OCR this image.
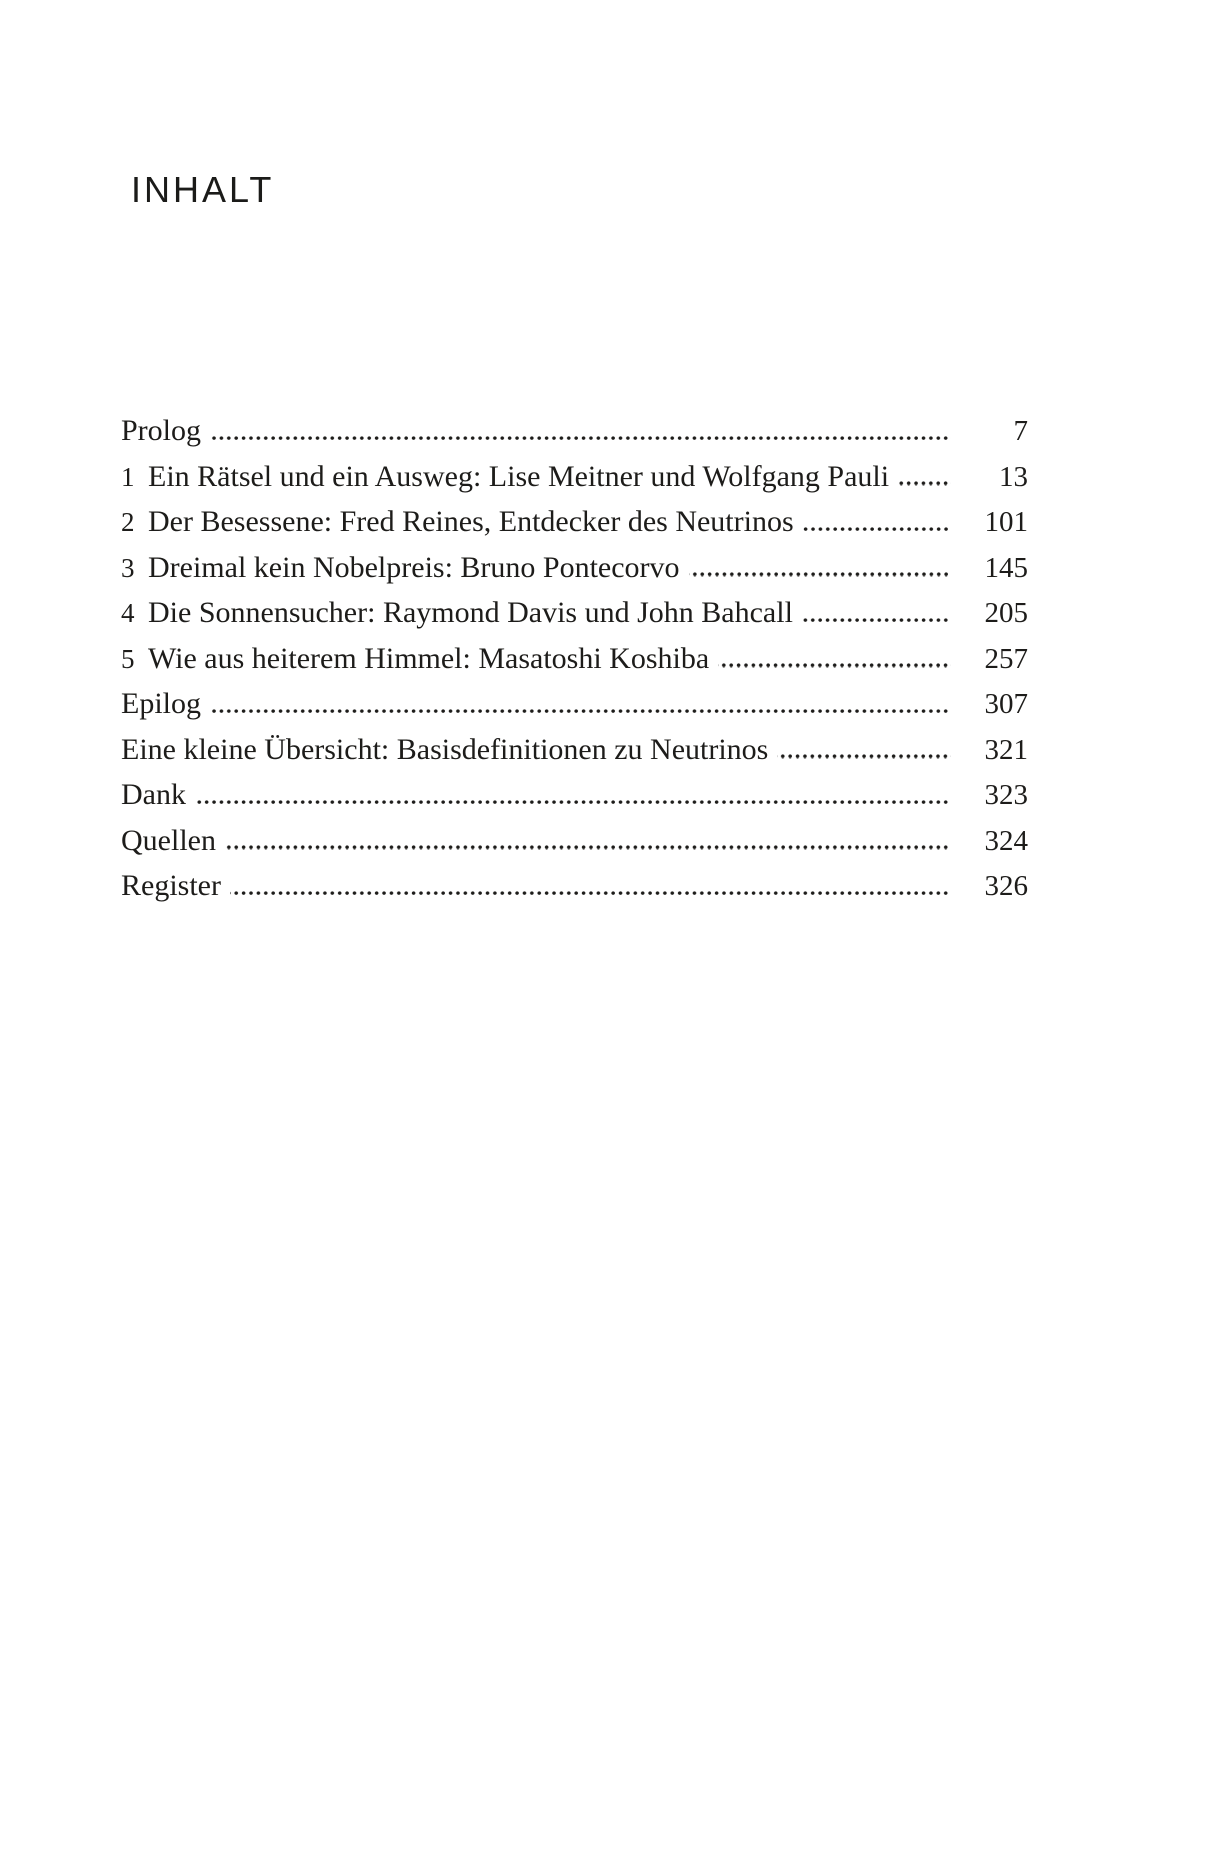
INHALT
Prolog	7
1 Ein Rätsel und ein Ausweg: Lise Meitner und Wolfgang Pauli	13
2 Der Besessene: Fred Reines, Entdecker des Neutrinos	101
3 Dreimal kein Nobelpreis: Bruno Pontecorvo	145
4 Die Sonnensucher: Raymond Davis und John Bahcall	205
5 Wie aus heiterem Himmel: Masatoshi Koshiba	257
Epilog	307
Eine kleine Übersicht: Basisdefinitionen zu Neutrinos	321
Dank	323
Quellen	324
Register	326
